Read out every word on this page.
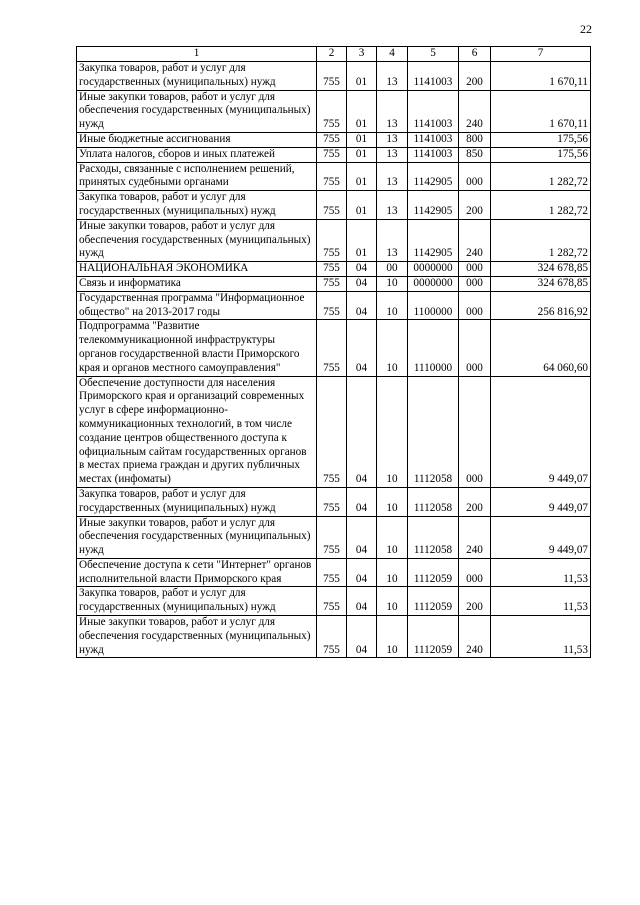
22
1	2	3	4	5	6	7
Закупка товаров, работ и услуг для государственных (муниципальных) нужд	755	01	13	1141003	200	1 670,11
Иные закупки товаров, работ и услуг для обеспечения государственных (муниципальных) нужд	755	01	13	1141003	240	1 670,11
Иные бюджетные ассигнования	755	01	13	1141003	800	175,56
Уплата налогов, сборов и иных платежей	755	01	13	1141003	850	175,56
Расходы, связанные с исполнением решений, принятых судебными органами	755	01	13	1142905	000	1 282,72
Закупка товаров, работ и услуг для государственных (муниципальных) нужд	755	01	13	1142905	200	1 282,72
Иные закупки товаров, работ и услуг для обеспечения государственных (муниципальных) нужд	755	01	13	1142905	240	1 282,72
НАЦИОНАЛЬНАЯ ЭКОНОМИКА	755	04	00	0000000	000	324 678,85
Связь и информатика	755	04	10	0000000	000	324 678,85
Государственная программа "Информационное общество" на 2013-2017 годы	755	04	10	1100000	000	256 816,92
Подпрограмма "Развитие телекоммуникационной инфраструктуры органов государственной власти Приморского края и органов местного самоуправления"	755	04	10	1110000	000	64 060,60
Обеспечение доступности для населения Приморского края и организаций современных услуг в сфере информационно-коммуникационных технологий, в том числе создание центров общественного доступа к официальным сайтам государственных органов в местах приема граждан и других публичных местах (инфоматы)	755	04	10	1112058	000	9 449,07
Закупка товаров, работ и услуг для государственных (муниципальных) нужд	755	04	10	1112058	200	9 449,07
Иные закупки товаров, работ и услуг для обеспечения государственных (муниципальных) нужд	755	04	10	1112058	240	9 449,07
Обеспечение доступа к сети "Интернет" органов исполнительной власти Приморского края	755	04	10	1112059	000	11,53
Закупка товаров, работ и услуг для государственных (муниципальных) нужд	755	04	10	1112059	200	11,53
Иные закупки товаров, работ и услуг для обеспечения государственных (муниципальных) нужд	755	04	10	1112059	240	11,53
